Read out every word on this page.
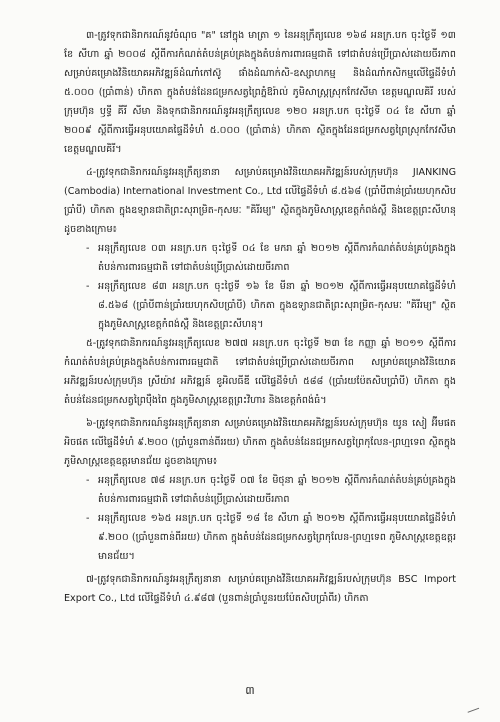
៣-ត្រូវទុកជានិរាករណ៍នូវចំណុច "គ" នៅក្នុង មាត្រា ១ នៃអនុក្រឹត្យលេខ ១៦៨ អនក្រ.បក ចុះថ្ងៃទី ១៣ ខែ សីហា ឆ្នាំ ២០០៨ ស្តីពីការកំណត់តំបន់គ្រប់គ្រងក្នុងតំបន់ការពារធម្មជាតិ ទៅជាតំបន់ប្រើប្រាស់ដោយចីរភាព សម្រាប់គម្រោងវិនិយោគអភិវឌ្ឍន៍ដំណាំកៅស៊ូ ផាំងដំណាក់សិ-ឧស្សាហកម្ម និងដំណាំកសិកម្មលើផ្ទៃដីទំហំ ៥.០០០ (ប្រាំពាន់) ហិកតា ក្នុងតំបន់ដែនជម្រកសត្វព្រៃភ្នំឱរ៉ាល់ ភូមិសាស្ត្រស្រុកកែវសីមា ខេត្តមណ្ឌលគិរី របស់ក្រុមហ៊ុន ឫទ្ធី គីរី សីមា និងទុកជានិរាករណ៍នូវអនុក្រឹត្យលេខ ១២០ អនក្រ.បក ចុះថ្ងៃទី ០៤ ខែ សីហា ឆ្នាំ ២០០៩ ស្តីពីការធ្វើអនុបយោគផ្ទៃដីទំហំ ៥.០០០ (ប្រាំពាន់) ហិកតា ស្ថិតក្នុងដែនជម្រកសត្វព្រៃស្រុកកែវសីមា ខេត្តមណ្ឌលគិរី។

៤-ត្រូវទុកជានិរាករណ៍នូវអនុក្រឹត្យនានា សម្រាប់គម្រោងវិនិយោគអភិវឌ្ឍន៍របស់ក្រុមហ៊ុន JIANKING (Cambodia) International Investment Co., Ltd លើផ្ទៃដីទំហំ ៨.៥៦៨ (ប្រាំបីពាន់ប្រាំរយហុកសិបប្រាំបី) ហិកតា ក្នុងឧទ្យានជាតិព្រះសុរាម្រិត-កុសមៈ "គិរីរម្យ" ស្ថិតក្នុងភូមិសាស្ត្រខេត្តកំពង់ស្ពឺ និងខេត្តព្រះសីហនុ ដូចខាងក្រោម៖

- អនុក្រឹត្យលេខ ០៣ អនក្រ.បក ចុះថ្ងៃទី ០៤ ខែ មករា ឆ្នាំ ២០១២ ស្តីពីការកំណត់តំបន់គ្រប់គ្រងក្នុងតំបន់ការពារធម្មជាតិ ទៅជាតំបន់ប្រើប្រាស់ដោយចីរភាព

- អនុក្រឹត្យលេខ ៨៣ អនក្រ.បក ចុះថ្ងៃទី ១៦ ខែ មីនា ឆ្នាំ ២០១២ ស្តីពីការធ្វើអនុបយោគផ្ទៃដីទំហំ ៨.៥៦៨ (ប្រាំបីពាន់ប្រាំរយហុកសិបប្រាំបី) ហិកតា ក្នុងឧទ្យានជាតិព្រះសុរាម្រិត-កុសមៈ "គិរីរម្យ" ស្ថិតក្នុងភូមិសាស្ត្រខេត្តកំពង់ស្ពឺ និងខេត្តព្រះសីហនុ។

៥-ត្រូវទុកជានិរាករណ៍នូវអនុក្រឹត្យលេខ ២៧៧ អនក្រ.បក ចុះថ្ងៃទី ២៣ ខែ កញ្ញា ឆ្នាំ ២០១១ ស្តីពីការកំណត់តំបន់គ្រប់គ្រងក្នុងតំបន់ការពារធម្មជាតិ ទៅជាតំបន់ប្រើប្រាស់ដោយចីរភាព សម្រាប់គម្រោងវិនិយោគអភិវឌ្ឍន៍របស់ក្រុមហ៊ុន ស្រីយ៉ាវ អភិវឌ្ឍន៍ ខូអិលធីឌី លើផ្ទៃដីទំហំ ៥៨៨ (ប្រាំរយប៉ែតសិបប្រាំបី) ហិកតា ក្នុងតំបន់ដែនជម្រកសត្វព្រៃប៉ឺងពៃ ក្នុងភូមិសាស្ត្រខេត្តព្រះវិហារ និងខេត្តកំពង់ធំ។

៦-ត្រូវទុកជានិរាករណ៍នូវអនុក្រឹត្យនានា សម្រាប់គម្រោងវិនិយោគអភិវឌ្ឍន៍របស់ក្រុមហ៊ុន យូន សៀ អ៊ីមផត អិចផត លើផ្ទៃដីទំហំ ៩.២០០ (ប្រាំបួនពាន់ពីររយ) ហិកតា ក្នុងតំបន់ដែនជម្រកសត្វព្រៃកុលែន-ព្រហ្មទេព ស្ថិតក្នុងភូមិសាស្ត្រខេត្តឧត្តរមានជ័យ ដូចខាងក្រោម៖

- អនុក្រឹត្យលេខ ៧៨ អនក្រ.បក ចុះថ្ងៃទី ០៧ ខែ មិថុនា ឆ្នាំ ២០១២ ស្តីពីការកំណត់តំបន់គ្រប់គ្រងក្នុងតំបន់ការពារធម្មជាតិ ទៅជាតំបន់ប្រើប្រាស់ដោយចីរភាព

- អនុក្រឹត្យលេខ ១៦៥ អនក្រ.បក ចុះថ្ងៃទី ១៨ ខែ សីហា ឆ្នាំ ២០១២ ស្តីពីការធ្វើអនុបយោគផ្ទៃដីទំហំ ៩.២០០ (ប្រាំបួនពាន់ពីររយ) ហិកតា ក្នុងតំបន់ដែនជម្រកសត្វព្រៃកុលែន-ព្រហ្មទេព ភូមិសាស្ត្រខេត្តឧត្តរមានជ័យ។

៧-ត្រូវទុកជានិរាករណ៍នូវអនុក្រឹត្យនានា សម្រាប់គម្រោងវិនិយោគអភិវឌ្ឍន៍របស់ក្រុមហ៊ុន BSC Import Export Co., Ltd លើផ្ទៃដីទំហំ ៤.៩៨៧ (បួនពាន់ប្រាំបួនរយប៉ែតសិបប្រាំពីរ) ហិកតា

៣
